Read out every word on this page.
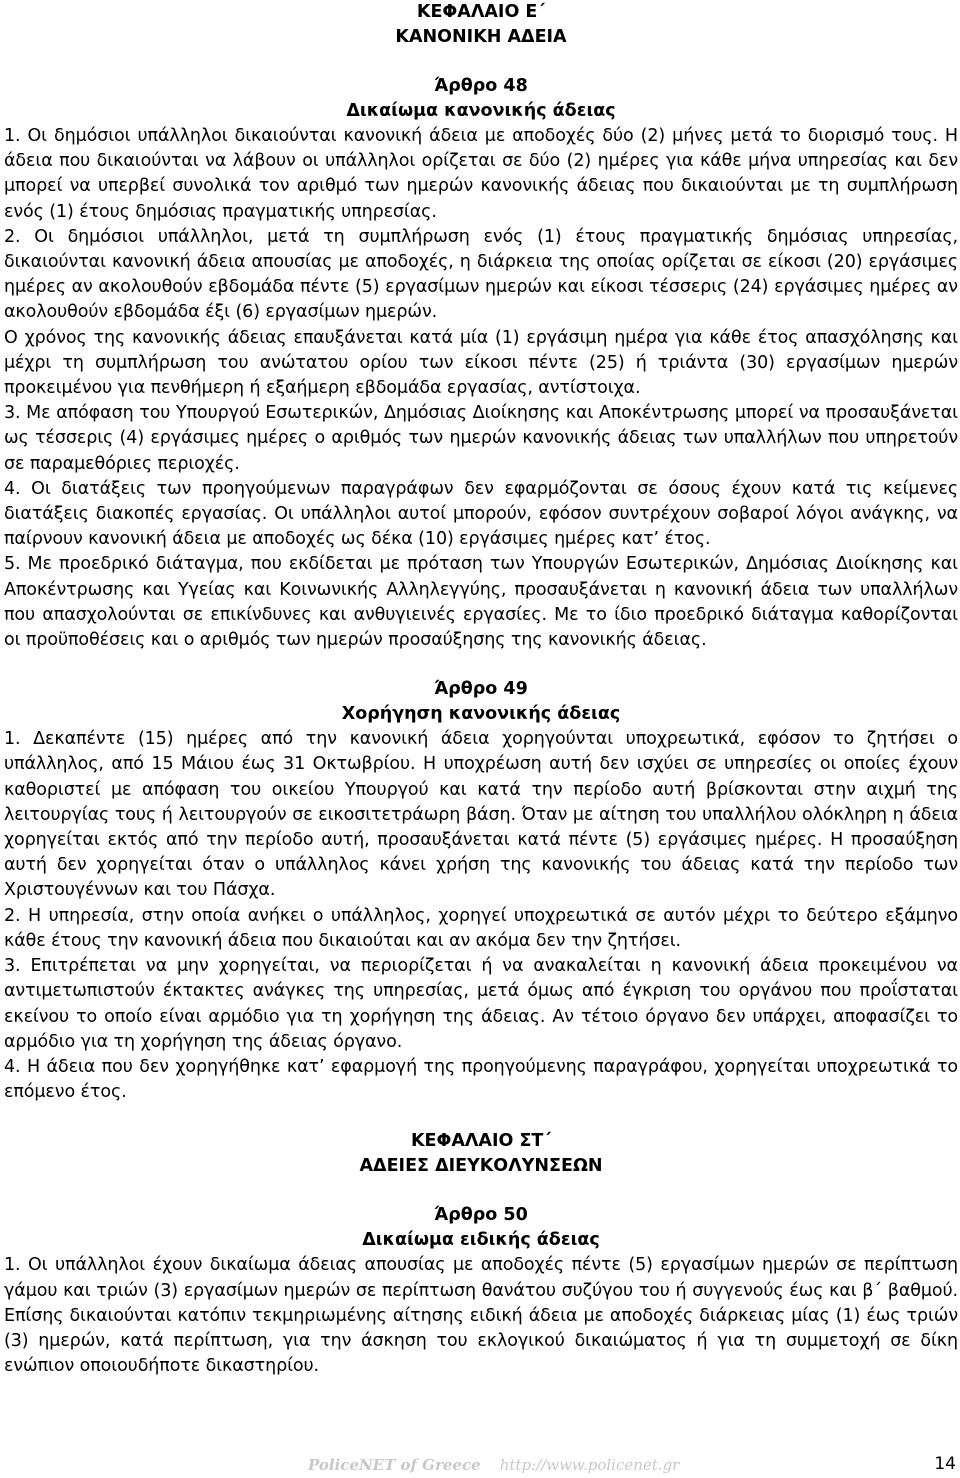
ΚΕΦΑΛΑΙΟ Ε΄

ΚΑΝΟΝΙΚΗ ΑΔΕΙΑ

Άρθρο 48

Δικαίωμα κανονικής άδειας

1. Οι δημόσιοι υπάλληλοι δικαιούνται κανονική άδεια με αποδοχές δύο (2) μήνες μετά το διορισμό τους. Η άδεια που δικαιούνται να λάβουν οι υπάλληλοι ορίζεται σε δύο (2) ημέρες για κάθε μήνα υπηρεσίας και δεν μπορεί να υπερβεί συνολικά τον αριθμό των ημερών κανονικής άδειας που δικαιούνται με τη συμπλήρωση ενός (1) έτους δημόσιας πραγματικής υπηρεσίας.

2. Οι δημόσιοι υπάλληλοι, μετά τη συμπλήρωση ενός (1) έτους πραγματικής δημόσιας υπηρεσίας, δικαιούνται κανονική άδεια απουσίας με αποδοχές, η διάρκεια της οποίας ορίζεται σε είκοσι (20) εργάσιμες ημέρες αν ακολουθούν εβδομάδα πέντε (5) εργασίμων ημερών και είκοσι τέσσερις (24) εργάσιμες ημέρες αν ακολουθούν εβδομάδα έξι (6) εργασίμων ημερών.

Ο χρόνος της κανονικής άδειας επαυξάνεται κατά μία (1) εργάσιμη ημέρα για κάθε έτος απασχόλησης και μέχρι τη συμπλήρωση του ανώτατου ορίου των είκοσι πέντε (25) ή τριάντα (30) εργασίμων ημερών προκειμένου για πενθήμερη ή εξαήμερη εβδομάδα εργασίας, αντίστοιχα.

3. Με απόφαση του Υπουργού Εσωτερικών, Δημόσιας Διοίκησης και Αποκέντρωσης μπορεί να προσαυξάνεται ως τέσσερις (4) εργάσιμες ημέρες ο αριθμός των ημερών κανονικής άδειας των υπαλλήλων που υπηρετούν σε παραμεθόριες περιοχές.

4. Οι διατάξεις των προηγούμενων παραγράφων δεν εφαρμόζονται σε όσους έχουν κατά τις κείμενες διατάξεις διακοπές εργασίας. Οι υπάλληλοι αυτοί μπορούν, εφόσον συντρέχουν σοβαροί λόγοι ανάγκης, να παίρνουν κανονική άδεια με αποδοχές ως δέκα (10) εργάσιμες ημέρες κατ’ έτος.

5. Με προεδρικό διάταγμα, που εκδίδεται με πρόταση των Υπουργών Εσωτερικών, Δημόσιας Διοίκησης και Αποκέντρωσης και Υγείας και Κοινωνικής Αλληλεγγύης, προσαυξάνεται η κανονική άδεια των υπαλλήλων που απασχολούνται σε επικίνδυνες και ανθυγιεινές εργασίες. Με το ίδιο προεδρικό διάταγμα καθορίζονται οι προϋποθέσεις και ο αριθμός των ημερών προσαύξησης της κανονικής άδειας.

Άρθρο 49

Χορήγηση κανονικής άδειας

1. Δεκαπέντε (15) ημέρες από την κανονική άδεια χορηγούνται υποχρεωτικά, εφόσον το ζητήσει ο υπάλληλος, από 15 Μάιου έως 31 Οκτωβρίου. Η υποχρέωση αυτή δεν ισχύει σε υπηρεσίες οι οποίες έχουν καθοριστεί με απόφαση του οικείου Υπουργού και κατά την περίοδο αυτή βρίσκονται στην αιχμή της λειτουργίας τους ή λειτουργούν σε εικοσιτετράωρη βάση. Όταν με αίτηση του υπαλλήλου ολόκληρη η άδεια χορηγείται εκτός από την περίοδο αυτή, προσαυξάνεται κατά πέντε (5) εργάσιμες ημέρες. Η προσαύξηση αυτή δεν χορηγείται όταν ο υπάλληλος κάνει χρήση της κανονικής του άδειας κατά την περίοδο των Χριστουγέννων και του Πάσχα.

2. Η υπηρεσία, στην οποία ανήκει ο υπάλληλος, χορηγεί υποχρεωτικά σε αυτόν μέχρι το δεύτερο εξάμηνο κάθε έτους την κανονική άδεια που δικαιούται και αν ακόμα δεν την ζητήσει.

3. Επιτρέπεται να μην χορηγείται, να περιορίζεται ή να ανακαλείται η κανονική άδεια προκειμένου να αντιμετωπιστούν έκτακτες ανάγκες της υπηρεσίας, μετά όμως από έγκριση του οργάνου που προΐσταται εκείνου το οποίο είναι αρμόδιο για τη χορήγηση της άδειας. Αν τέτοιο όργανο δεν υπάρχει, αποφασίζει το αρμόδιο για τη χορήγηση της άδειας όργανο.

4. Η άδεια που δεν χορηγήθηκε κατ’ εφαρμογή της προηγούμενης παραγράφου, χορηγείται υποχρεωτικά το επόμενο έτος.

ΚΕΦΑΛΑΙΟ ΣΤ΄

ΑΔΕΙΕΣ ΔΙΕΥΚΟΛΥΝΣΕΩΝ

Άρθρο 50

Δικαίωμα ειδικής άδειας

1. Οι υπάλληλοι έχουν δικαίωμα άδειας απουσίας με αποδοχές πέντε (5) εργασίμων ημερών σε περίπτωση γάμου και τριών (3) εργασίμων ημερών σε περίπτωση θανάτου συζύγου του ή συγγενούς έως και β΄ βαθμού. Επίσης δικαιούνται κατόπιν τεκμηριωμένης αίτησης ειδική άδεια με αποδοχές διάρκειας μίας (1) έως τριών (3) ημερών, κατά περίπτωση, για την άσκηση του εκλογικού δικαιώματος ή για τη συμμετοχή σε δίκη ενώπιον οποιουδήποτε δικαστηρίου.

PoliceNET of Greece http://www.policenet.gr	14
